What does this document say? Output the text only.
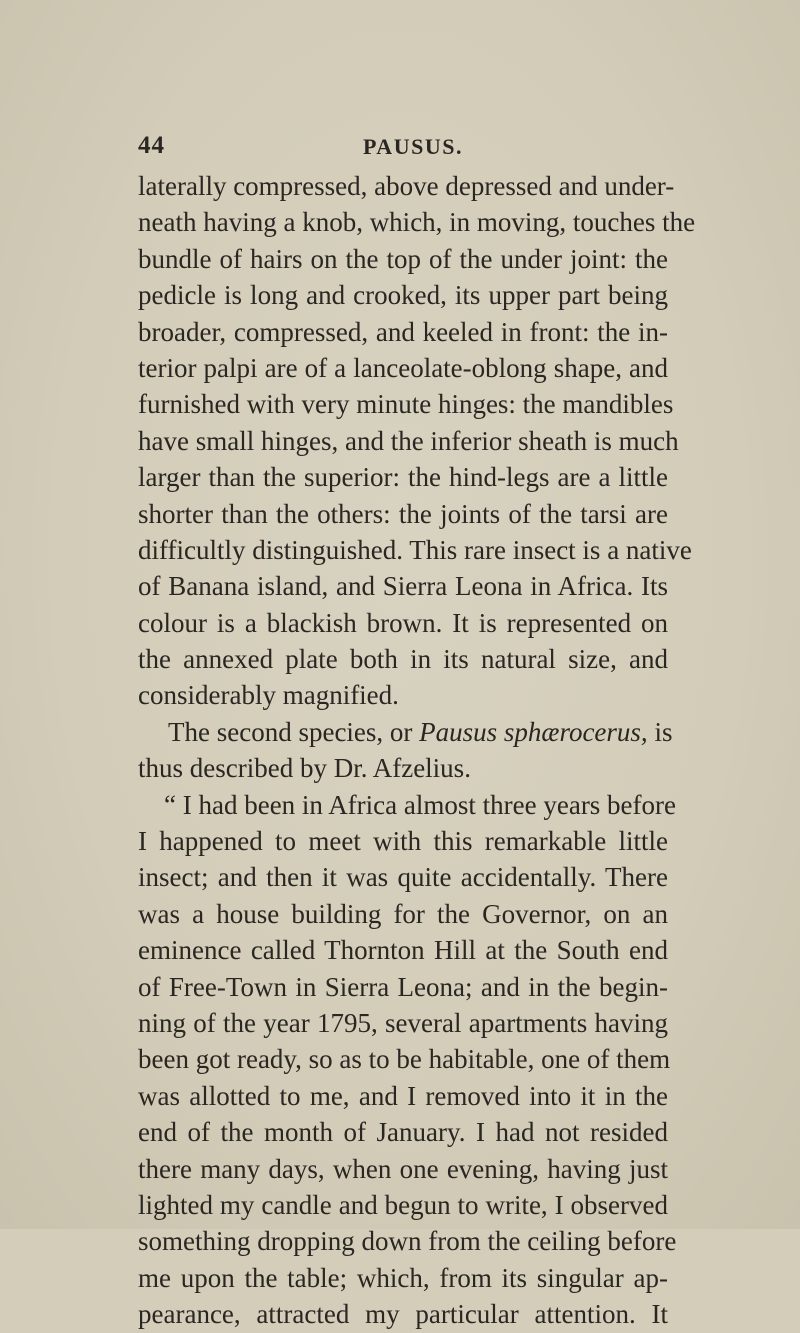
44	PAUSUS.
laterally compressed, above depressed and under-
neath having a knob, which, in moving, touches the
bundle of hairs on the top of the under joint: the
pedicle is long and crooked, its upper part being
broader, compressed, and keeled in front: the in-
terior palpi are of a lanceolate-oblong shape, and
furnished with very minute hinges: the mandibles
have small hinges, and the inferior sheath is much
larger than the superior: the hind-legs are a little
shorter than the others: the joints of the tarsi are
difficultly distinguished. This rare insect is a native
of Banana island, and Sierra Leona in Africa. Its
colour is a blackish brown. It is represented on
the annexed plate both in its natural size, and
considerably magnified.
The second species, or Pausus sphærocerus, is
thus described by Dr. Afzelius.
“ I had been in Africa almost three years before
I happened to meet with this remarkable little
insect; and then it was quite accidentally. There
was a house building for the Governor, on an
eminence called Thornton Hill at the South end
of Free-Town in Sierra Leona; and in the begin-
ning of the year 1795, several apartments having
been got ready, so as to be habitable, one of them
was allotted to me, and I removed into it in the
end of the month of January. I had not resided
there many days, when one evening, having just
lighted my candle and begun to write, I observed
something dropping down from the ceiling before
me upon the table; which, from its singular ap-
pearance, attracted my particular attention. It
